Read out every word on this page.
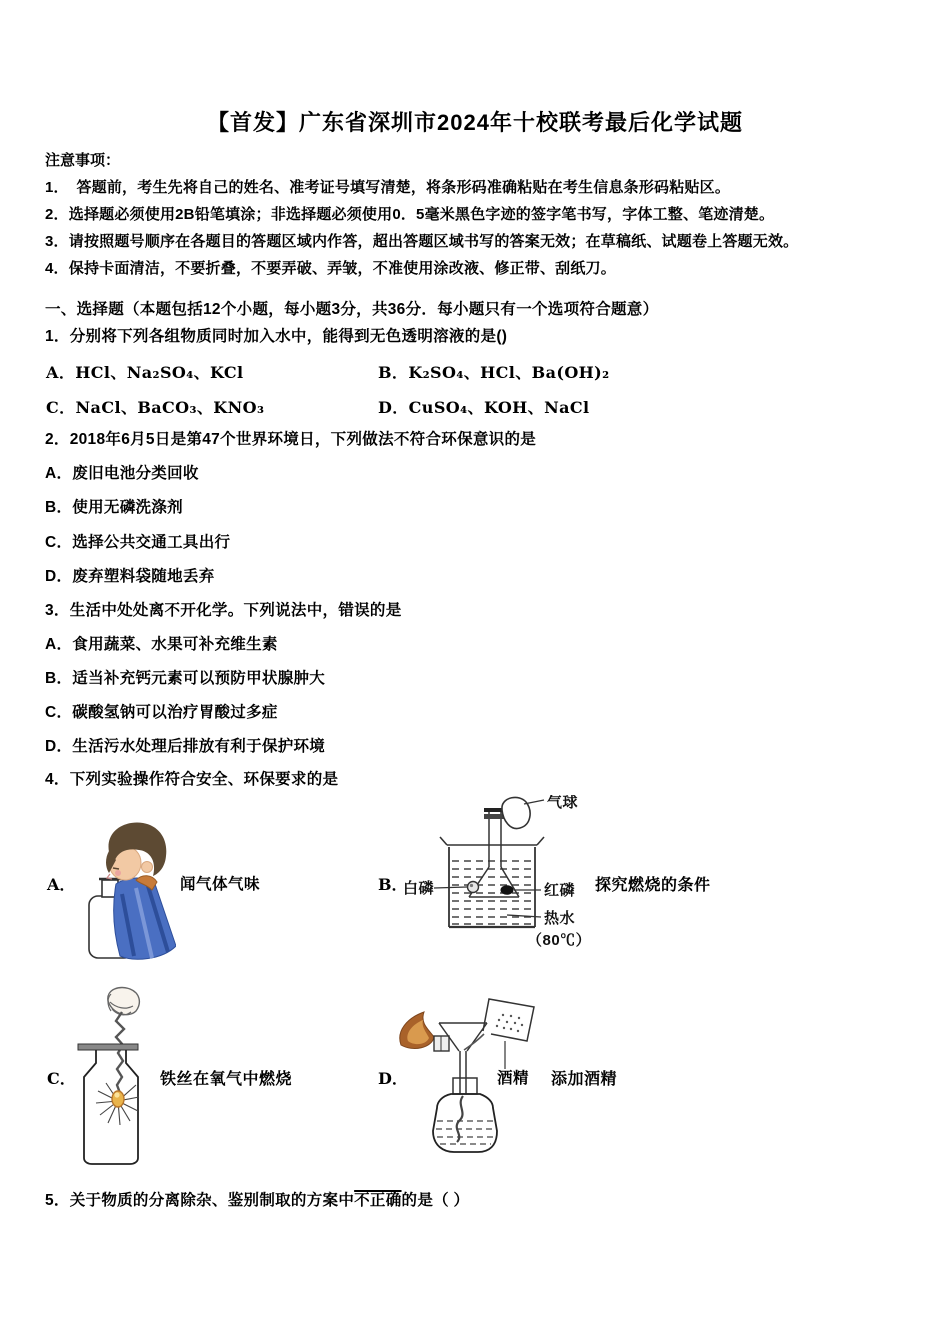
【首发】广东省深圳市2024年十校联考最后化学试题
注意事项：
1．　答题前，考生先将自己的姓名、准考证号填写清楚，将条形码准确粘贴在考生信息条形码粘贴区。
2．选择题必须使用2B铅笔填涂；非选择题必须使用0．5毫米黑色字迹的签字笔书写，字体工整、笔迹清楚。
3．请按照题号顺序在各题目的答题区域内作答，超出答题区域书写的答案无效；在草稿纸、试题卷上答题无效。
4．保持卡面清洁，不要折叠，不要弄破、弄皱，不准使用涂改液、修正带、刮纸刀。
一、选择题（本题包括12个小题，每小题3分，共36分．每小题只有一个选项符合题意）
1．分别将下列各组物质同时加入水中，能得到无色透明溶液的是()
A．HCl、Na₂SO₄、KCl	B．K₂SO₄、HCl、Ba(OH)₂
C．NaCl、BaCO₃、KNO₃	D．CuSO₄、KOH、NaCl
2．2018年6月5日是第47个世界环境日，下列做法不符合环保意识的是
A．废旧电池分类回收
B．使用无磷洗涤剂
C．选择公共交通工具出行
D．废弃塑料袋随地丢弃
3．生活中处处离不开化学。下列说法中，错误的是
A．食用蔬菜、水果可补充维生素
B．适当补充钙元素可以预防甲状腺肿大
C．碳酸氢钠可以治疗胃酸过多症
D．生活污水处理后排放有利于保护环境
4．下列实验操作符合安全、环保要求的是
A．	闻气体气味	B．
气球
白磷	红磷
热水
（80℃）
探究燃烧的条件
C．	铁丝在氧气中燃烧	D．	酒精 添加酒精
5．关于物质的分离除杂、鉴别制取的方案中不正确的是（ ）
